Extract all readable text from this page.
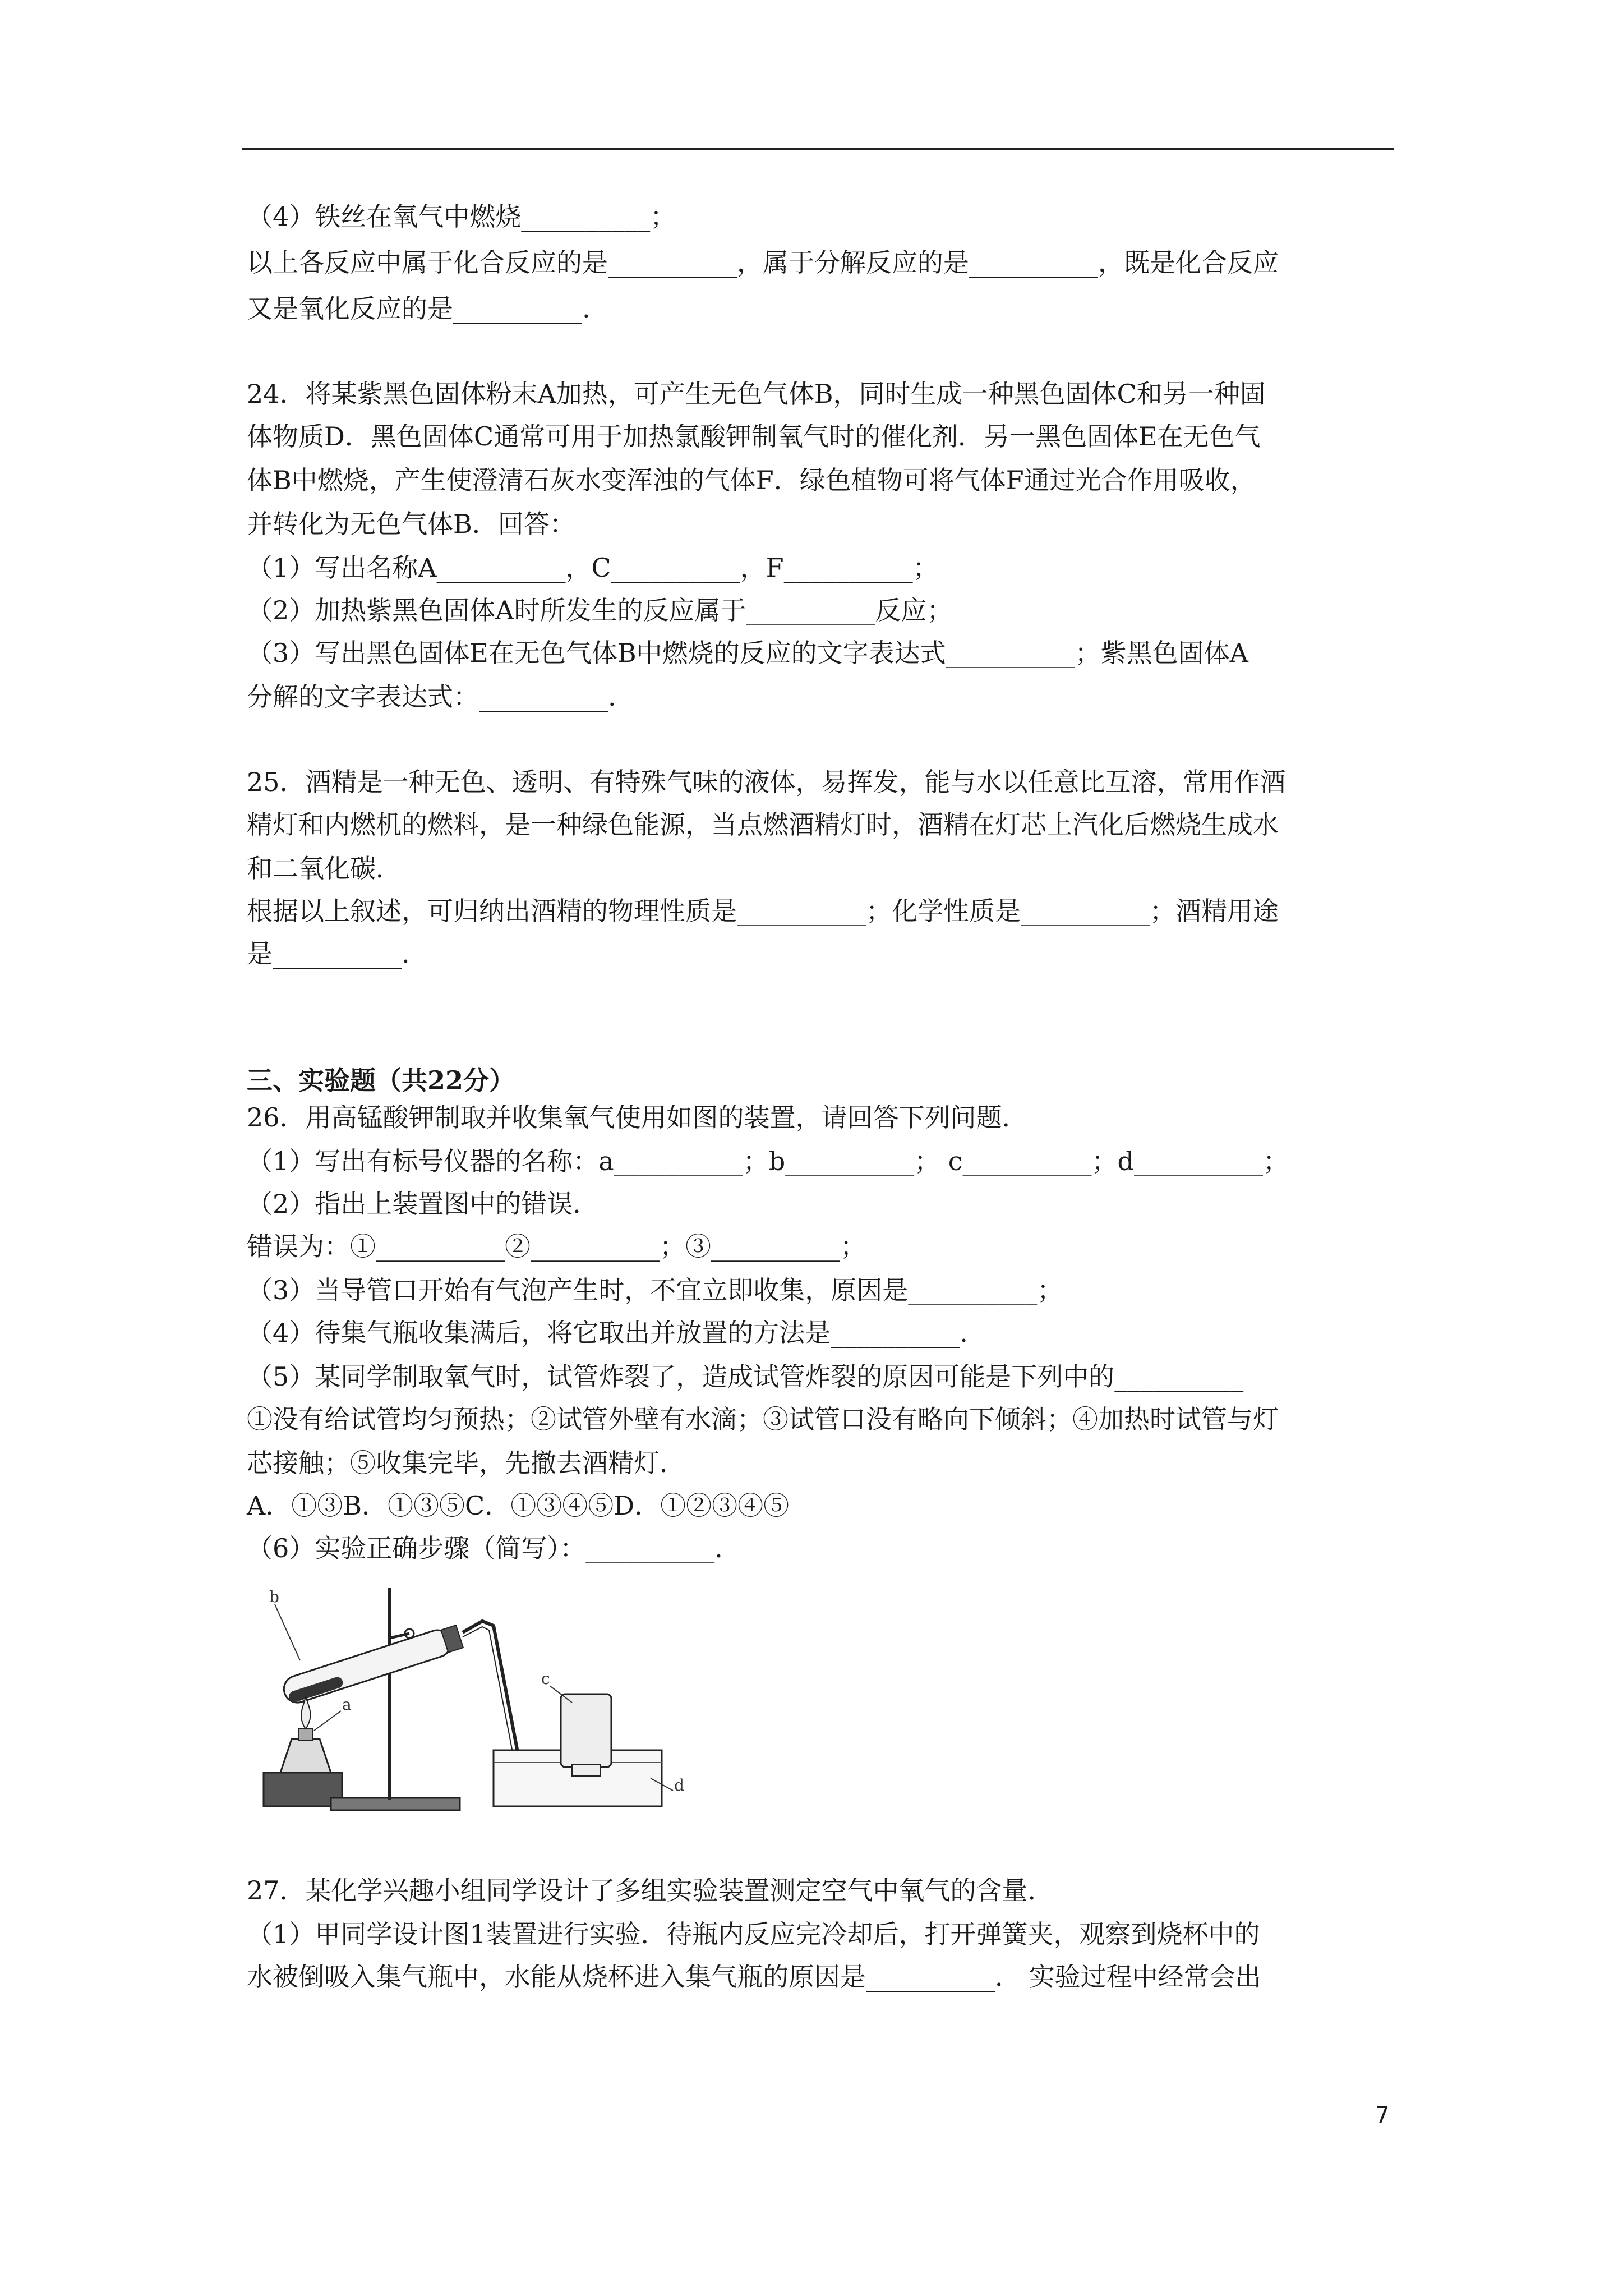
（4）铁丝在氧气中燃烧__________；
以上各反应中属于化合反应的是__________，属于分解反应的是__________，既是化合反应
又是氧化反应的是__________.
24．将某紫黑色固体粉末A加热，可产生无色气体B，同时生成一种黑色固体C和另一种固
体物质D．黑色固体C通常可用于加热氯酸钾制氧气时的催化剂．另一黑色固体E在无色气
体B中燃烧，产生使澄清石灰水变浑浊的气体F．绿色植物可将气体F通过光合作用吸收，
并转化为无色气体B．回答：
（1）写出名称A__________，C__________，F__________；
（2）加热紫黑色固体A时所发生的反应属于__________反应；
（3）写出黑色固体E在无色气体B中燃烧的反应的文字表达式__________；紫黑色固体A
分解的文字表达式：__________.
25．酒精是一种无色、透明、有特殊气味的液体，易挥发，能与水以任意比互溶，常用作酒
精灯和内燃机的燃料，是一种绿色能源，当点燃酒精灯时，酒精在灯芯上汽化后燃烧生成水
和二氧化碳．
根据以上叙述，可归纳出酒精的物理性质是__________；化学性质是__________；酒精用途
是__________.
三、实验题（共22分）
26．用高锰酸钾制取并收集氧气使用如图的装置，请回答下列问题．
（1）写出有标号仪器的名称：a__________；b__________； c__________；d__________；
（2）指出上装置图中的错误．
错误为：①__________②__________；③__________；
（3）当导管口开始有气泡产生时，不宜立即收集，原因是__________；
（4）待集气瓶收集满后，将它取出并放置的方法是__________.
（5）某同学制取氧气时，试管炸裂了，造成试管炸裂的原因可能是下列中的__________
①没有给试管均匀预热；②试管外壁有水滴；③试管口没有略向下倾斜；④加热时试管与灯
芯接触；⑤收集完毕，先撤去酒精灯．
A．①③B．①③⑤C．①③④⑤D．①②③④⑤
（6）实验正确步骤（简写）：__________.
27．某化学兴趣小组同学设计了多组实验装置测定空气中氧气的含量．
（1）甲同学设计图1装置进行实验．待瓶内反应完冷却后，打开弹簧夹，观察到烧杯中的
水被倒吸入集气瓶中，水能从烧杯进入集气瓶的原因是__________． 实验过程中经常会出
b
a
c
d
7
